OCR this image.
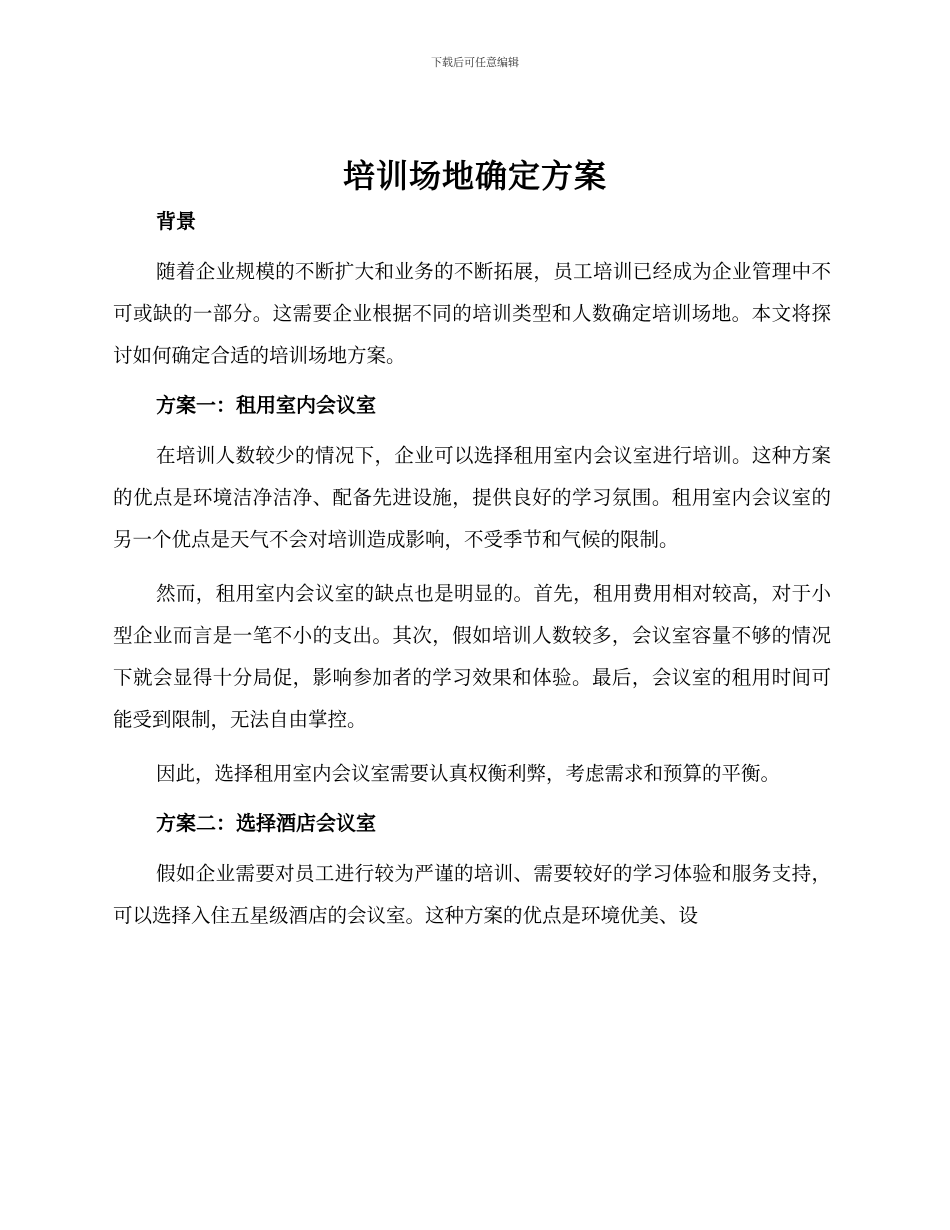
下载后可任意编辑
培训场地确定方案

背景

随着企业规模的不断扩大和业务的不断拓展，员工培训已经成为企业管理中不可或缺的一部分。这需要企业根据不同的培训类型和人数确定培训场地。本文将探讨如何确定合适的培训场地方案。

方案一：租用室内会议室

在培训人数较少的情况下，企业可以选择租用室内会议室进行培训。这种方案的优点是环境洁净洁净、配备先进设施，提供良好的学习氛围。租用室内会议室的另一个优点是天气不会对培训造成影响，不受季节和气候的限制。

然而，租用室内会议室的缺点也是明显的。首先，租用费用相对较高，对于小型企业而言是一笔不小的支出。其次，假如培训人数较多，会议室容量不够的情况下就会显得十分局促，影响参加者的学习效果和体验。最后，会议室的租用时间可能受到限制，无法自由掌控。

因此，选择租用室内会议室需要认真权衡利弊，考虑需求和预算的平衡。

方案二：选择酒店会议室

假如企业需要对员工进行较为严谨的培训、需要较好的学习体验和服务支持，可以选择入住五星级酒店的会议室。这种方案的优点是环境优美、设
